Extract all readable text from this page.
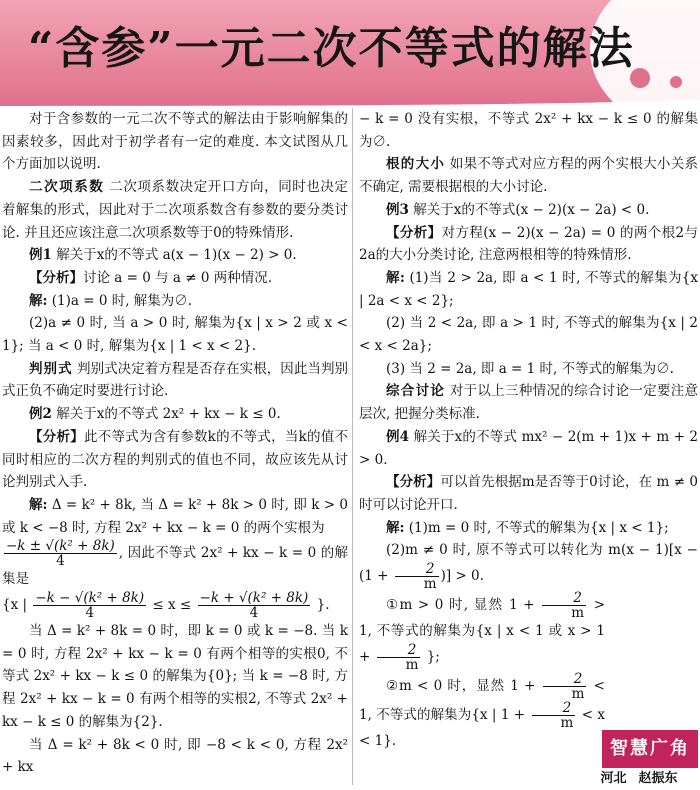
“含参”一元二次不等式的解法

对于含参数的一元二次不等式的解法由于影响解集的因素较多，因此对于初学者有一定的难度. 本文试图从几个方面加以说明.

二次项系数 二次项系数决定开口方向，同时也决定着解集的形式，因此对于二次项系数含有参数的要分类讨论. 并且还应该注意二次项系数等于0的特殊情形.

例1 解关于x的不等式 a(x − 1)(x − 2) > 0.

【分析】讨论 a = 0 与 a ≠ 0 两种情况.

解: (1)a = 0 时, 解集为∅.

(2)a ≠ 0 时, 当 a > 0 时, 解集为{x | x > 2 或 x < 1}; 当 a < 0 时, 解集为{x | 1 < x < 2}.

判别式 判别式决定着方程是否存在实根，因此当判别式正负不确定时要进行讨论.

例2 解关于x的不等式 2x² + kx − k ≤ 0.

【分析】此不等式为含有参数k的不等式，当k的值不同时相应的二次方程的判别式的值也不同，故应该先从讨论判别式入手.

解: Δ = k² + 8k, 当 Δ = k² + 8k > 0 时, 即 k > 0 或 k < −8 时, 方程 2x² + kx − k = 0 的两个实根为

$\frac{\text{−k ± √(k² + 8k)}}{4}$ , 因此不等式 2x² + kx − k = 0 的解集是

{x | $\frac{\text{−k − √(k² + 8k)}}{4} \le x \le \frac{\text{−k + √(k² + 8k)}}{4}$ }.

当 Δ = k² + 8k = 0 时，即 k = 0 或 k = −8. 当 k = 0 时, 方程 2x² + kx − k = 0 有两个相等的实根0, 不等式 2x² + kx − k ≤ 0 的解集为{0}; 当 k = −8 时, 方程 2x² + kx − k = 0 有两个相等的实根2, 不等式 2x² + kx − k ≤ 0 的解集为{2}.

当 Δ = k² + 8k < 0 时, 即 −8 < k < 0, 方程 2x² + kx

− k = 0 没有实根，不等式 2x² + kx − k ≤ 0 的解集为∅.

根的大小 如果不等式对应方程的两个实根大小关系不确定, 需要根据根的大小讨论.

例3 解关于x的不等式(x − 2)(x − 2a) < 0.

【分析】对方程(x − 2)(x − 2a) = 0 的两个根2与2a的大小分类讨论, 注意两根相等的特殊情形.

解: (1)当 2 > 2a, 即 a < 1 时, 不等式的解集为{x | 2a < x < 2};

(2) 当 2 < 2a, 即 a > 1 时, 不等式的解集为{x | 2 < x < 2a};

(3) 当 2 = 2a, 即 a = 1 时, 不等式的解集为∅.

综合讨论 对于以上三种情况的综合讨论一定要注意层次, 把握分类标准.

例4 解关于x的不等式 mx² − 2(m + 1)x + m + 2 > 0.

【分析】可以首先根据m是否等于0讨论，在 m ≠ 0 时可以讨论开口.

解: (1)m = 0 时, 不等式的解集为{x | x < 1};

(2)m ≠ 0 时, 原不等式可以转化为 $m(x - 1)[x - (1 + \frac{2}{m}$ )] > 0.

①m > 0 时, 显然 $1 + \frac{2}{m} > 1$, 不等式的解集为{x | x < 1 或 $x > 1 + \frac{2}{m}$ };

②m < 0 时，显然 $1 + \frac{2}{m} < 1$, 不等式的解集为{x | $1 + \frac{2}{m} < x < 1$}.	智慧广角
河北 赵振东
